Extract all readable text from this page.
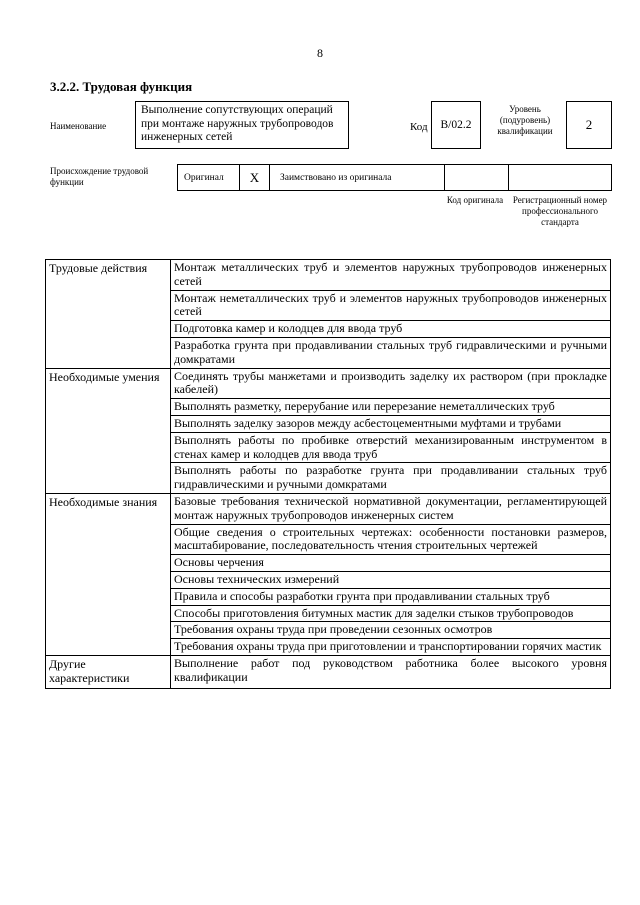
8
3.2.2. Трудовая функция
Наименование
Выполнение сопутствующих операций при монтаже наружных трубопроводов инженерных сетей
Код	B/02.2
Уровень (подуровень) квалификации	2
Происхождение трудовой функции	Оригинал	X	Заимствовано из оригинала
Код оригинала	Регистрационный номер профессионального стандарта
Трудовые действия	Монтаж металлических труб и элементов наружных трубопроводов инженерных сетей
	Монтаж неметаллических труб и элементов наружных трубопроводов инженерных сетей
	Подготовка камер и колодцев для ввода труб
	Разработка грунта при продавливании стальных труб гидравлическими и ручными домкратами
Необходимые умения	Соединять трубы манжетами и производить заделку их раствором (при прокладке кабелей)
	Выполнять разметку, перерубание или перерезание неметаллических труб
	Выполнять заделку зазоров между асбестоцементными муфтами и трубами
	Выполнять работы по пробивке отверстий механизированным инструментом в стенах камер и колодцев для ввода труб
	Выполнять работы по разработке грунта при продавливании стальных труб гидравлическими и ручными домкратами
Необходимые знания	Базовые требования технической нормативной документации, регламентирующей монтаж наружных трубопроводов инженерных систем
	Общие сведения о строительных чертежах: особенности постановки размеров, масштабирование, последовательность чтения строительных чертежей
	Основы черчения
	Основы технических измерений
	Правила и способы разработки грунта при продавливании стальных труб
	Способы приготовления битумных мастик для заделки стыков трубопроводов
	Требования охраны труда при проведении сезонных осмотров
	Требования охраны труда при приготовлении и транспортировании горячих мастик
Другие характеристики	Выполнение работ под руководством работника более высокого уровня квалификации
